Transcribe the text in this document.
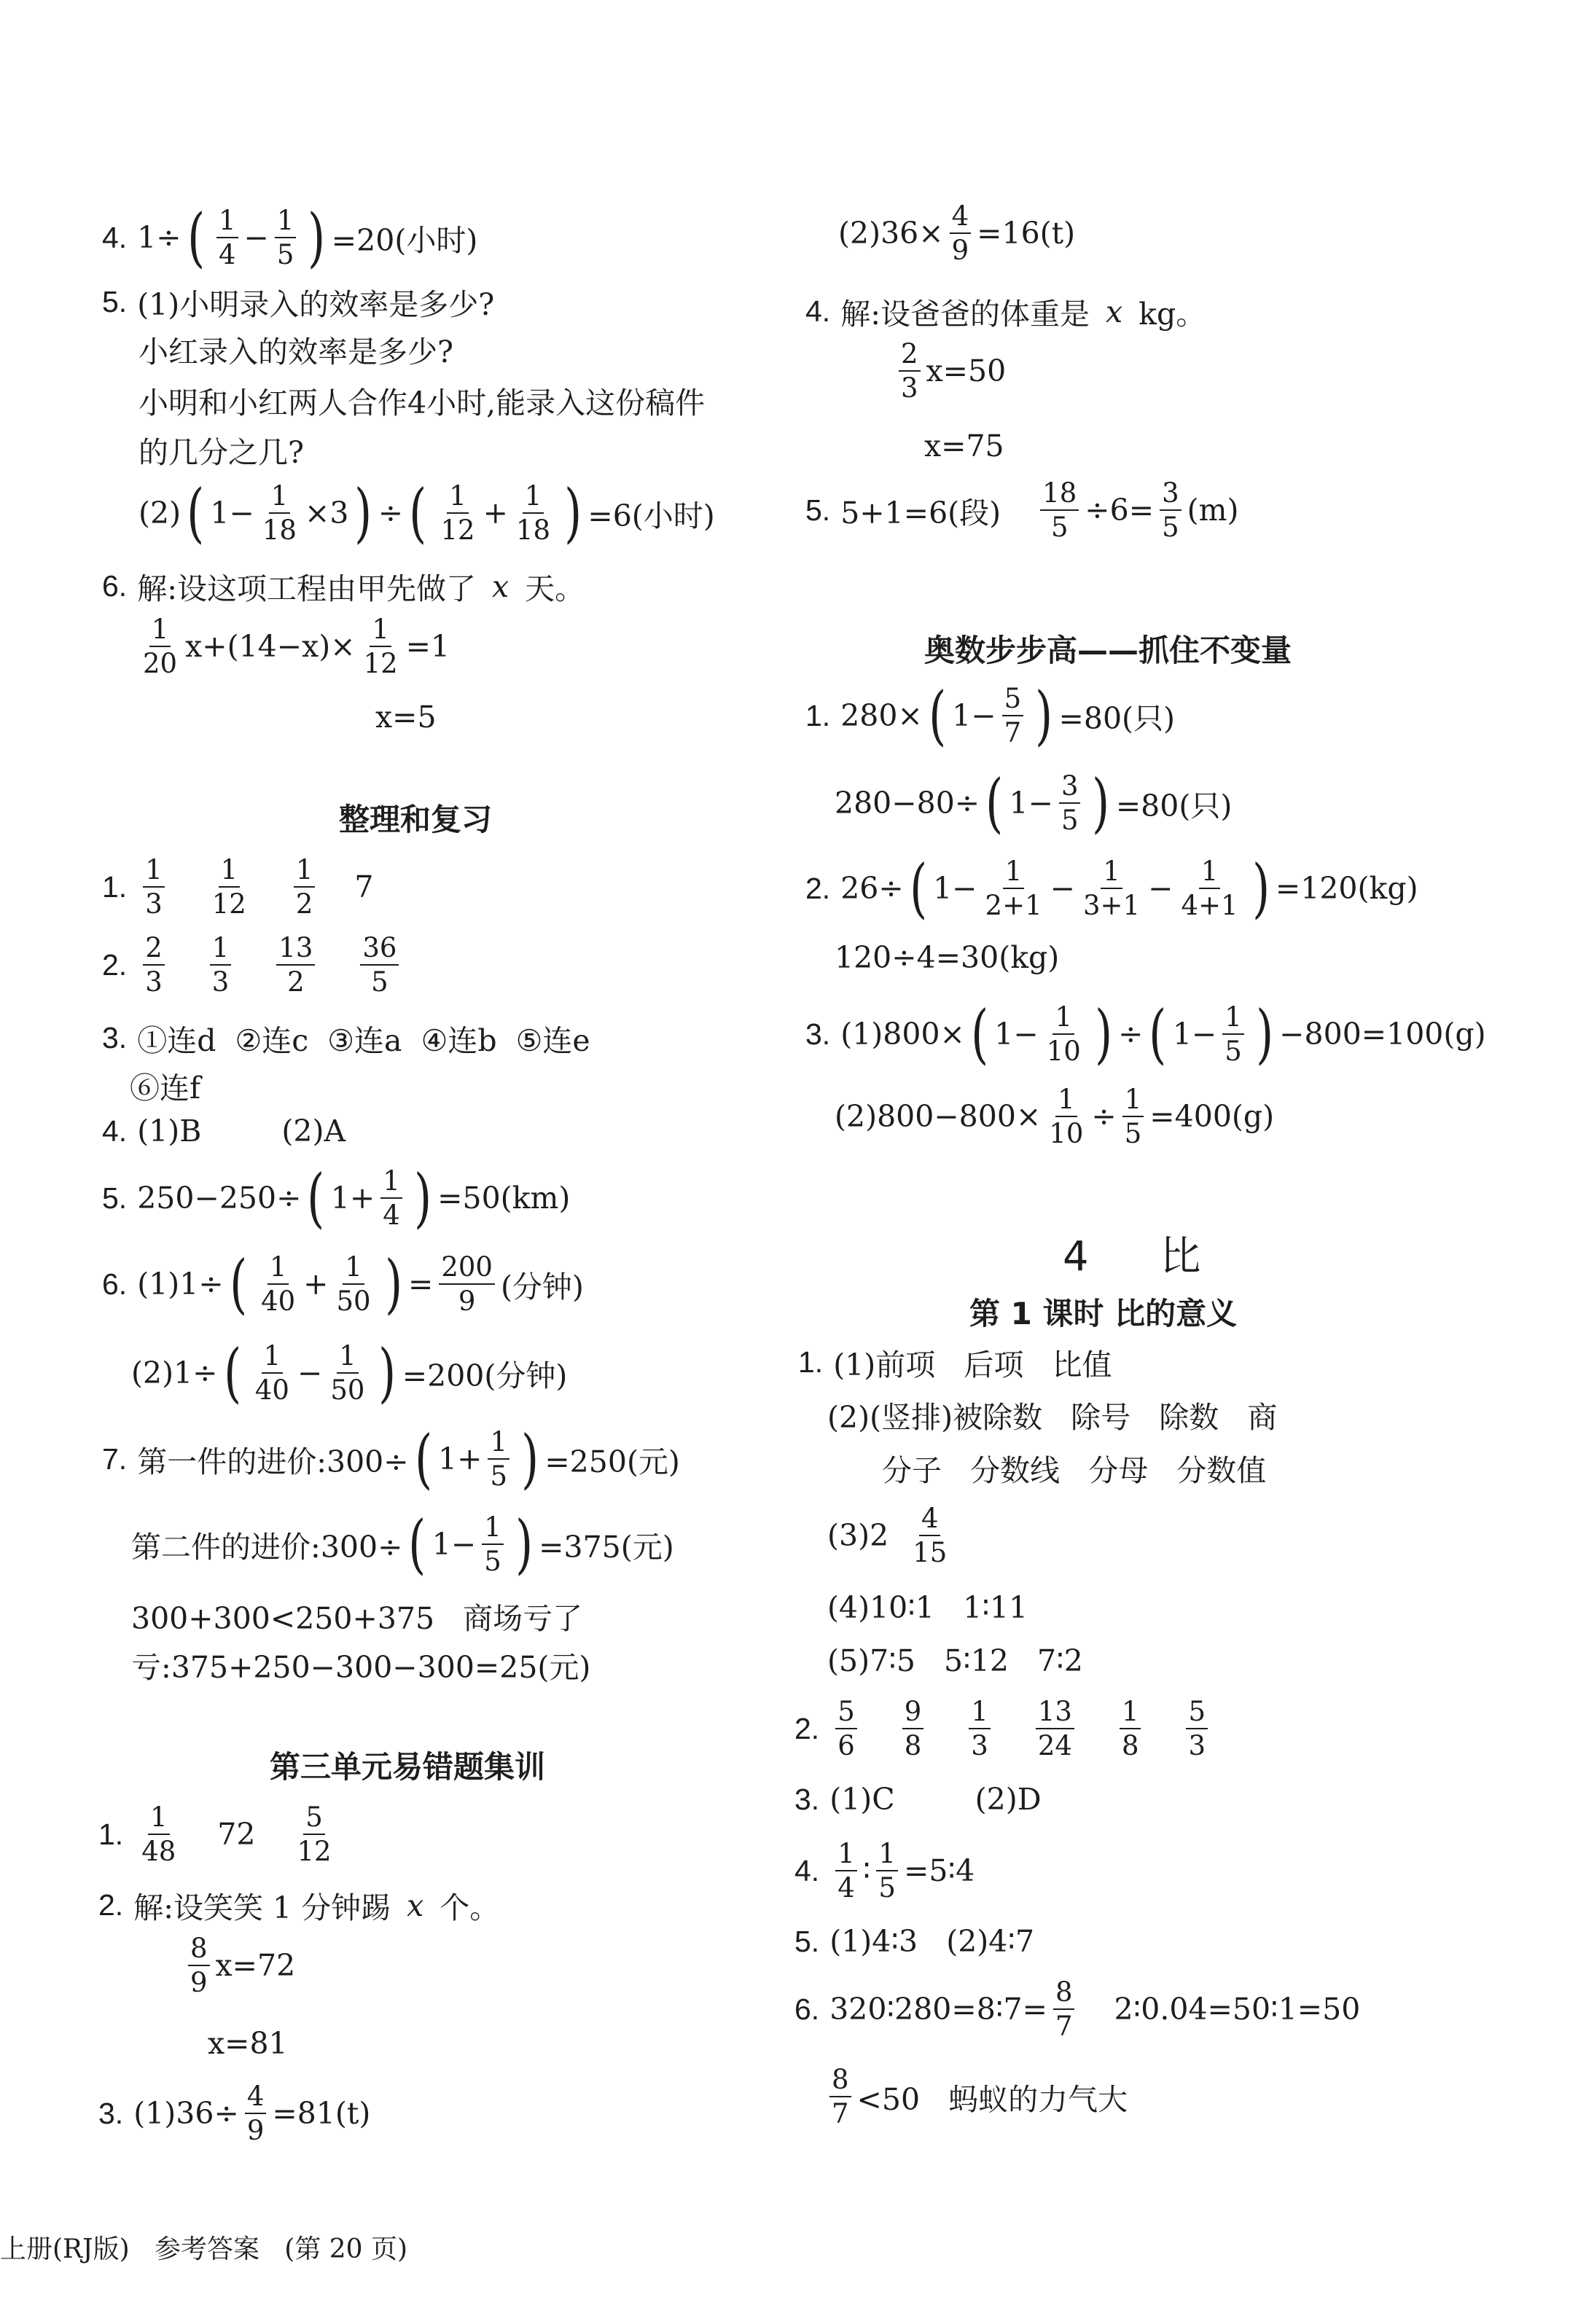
4. 1÷ ( $\frac{1}{4} - \frac{1}{5}$ ) =20(小时)
5. (1)小明录入的效率是多少?
小红录入的效率是多少?
小明和小红两人合作4小时,能录入这份稿件
的几分之几?
(2) ( $1- \frac{1}{18} \times 3$ ) ÷ ( $\frac{1}{12} + \frac{1}{18}$ ) =6(小时)
6. 解:设这项工程由甲先做了 x 天。
$\frac{1}{20} x+(14-x)\times \frac{1}{12} =1$
x=5
整理和复习
1. $\frac{1}{3} \frac{1}{12} \frac{1}{2} 7$
2. $\frac{2}{3} \frac{1}{3} \frac{13}{2} \frac{36}{5}$
3. ①连d  ②连c  ③连a  ④连b  ⑤连e
⑥连f
4. (1)B	(2)A
5. 250−250÷ ( $1+ \frac{1}{4}$ ) =50(km)
6. (1)1÷ ( $\frac{1}{40} + \frac{1}{50}$ ) = $\frac{200}{9}$ (分钟)
(2)1÷ ( $\frac{1}{40} - \frac{1}{50}$ ) =200(分钟)
7. 第一件的进价:300÷ ( $1+ \frac{1}{5}$ ) =250(元)
第二件的进价:300÷ ( $1- \frac{1}{5}$ ) =375(元)
300+300<250+375   商场亏了
亏:375+250−300−300=25(元)
第三单元易错题集训
1. $\frac{1}{48} 72 \frac{5}{12}$
2. 解:设笑笑 1 分钟踢 x 个。
$\frac{8}{9} x=72$
x=81
3. $(1)36\div \frac{4}{9} =81(t)$
$(2)36\times \frac{4}{9} =16(t)$
4. 解:设爸爸的体重是 x kg。
$\frac{2}{3} x=50$
x=75
5. 5+1=6(段) $\frac{18}{5} \div 6= \frac{3}{5} (m)$
奥数步步高——抓住不变量
1. 280× ( $1- \frac{5}{7}$ ) =80(只)
280−80÷ ( $1- \frac{3}{5}$ ) =80(只)
2. 26÷ ( $1- \frac{1}{2+1} - \frac{1}{3+1} - \frac{1}{4+1}$ ) =120(kg)
120÷4=30(kg)
3. (1)800× ( $1- \frac{1}{10}$ ) ÷ ( $1- \frac{1}{5}$ ) −800=100(g)
$(2)800-800\times \frac{1}{10} \div \frac{1}{5} =400(g)$
4 比
第 1 课时 比的意义
1. (1)前项   后项   比值
(2)(竖排)被除数   除号   除数   商
分子   分数线   分母   分数值
$(3)2 \frac{4}{15}$
(4)10∶1   1∶11
(5)7∶5   5∶12   7∶2
2. $\frac{5}{6} \frac{9}{8} \frac{1}{3} \frac{13}{24} \frac{1}{8} \frac{5}{3}$
3. (1)C	(2)D
4. $\frac{1}{4}$ ∶ $\frac{1}{5}$ =5∶4
5. (1)4∶3   (2)4∶7
6. 320∶280=8∶7= $\frac{8}{7}$ 2∶0.04=50∶1=50
$\frac{8}{7} <50$   蚂蚁的力气大
上册(RJ版)   参考答案   (第 20 页)
